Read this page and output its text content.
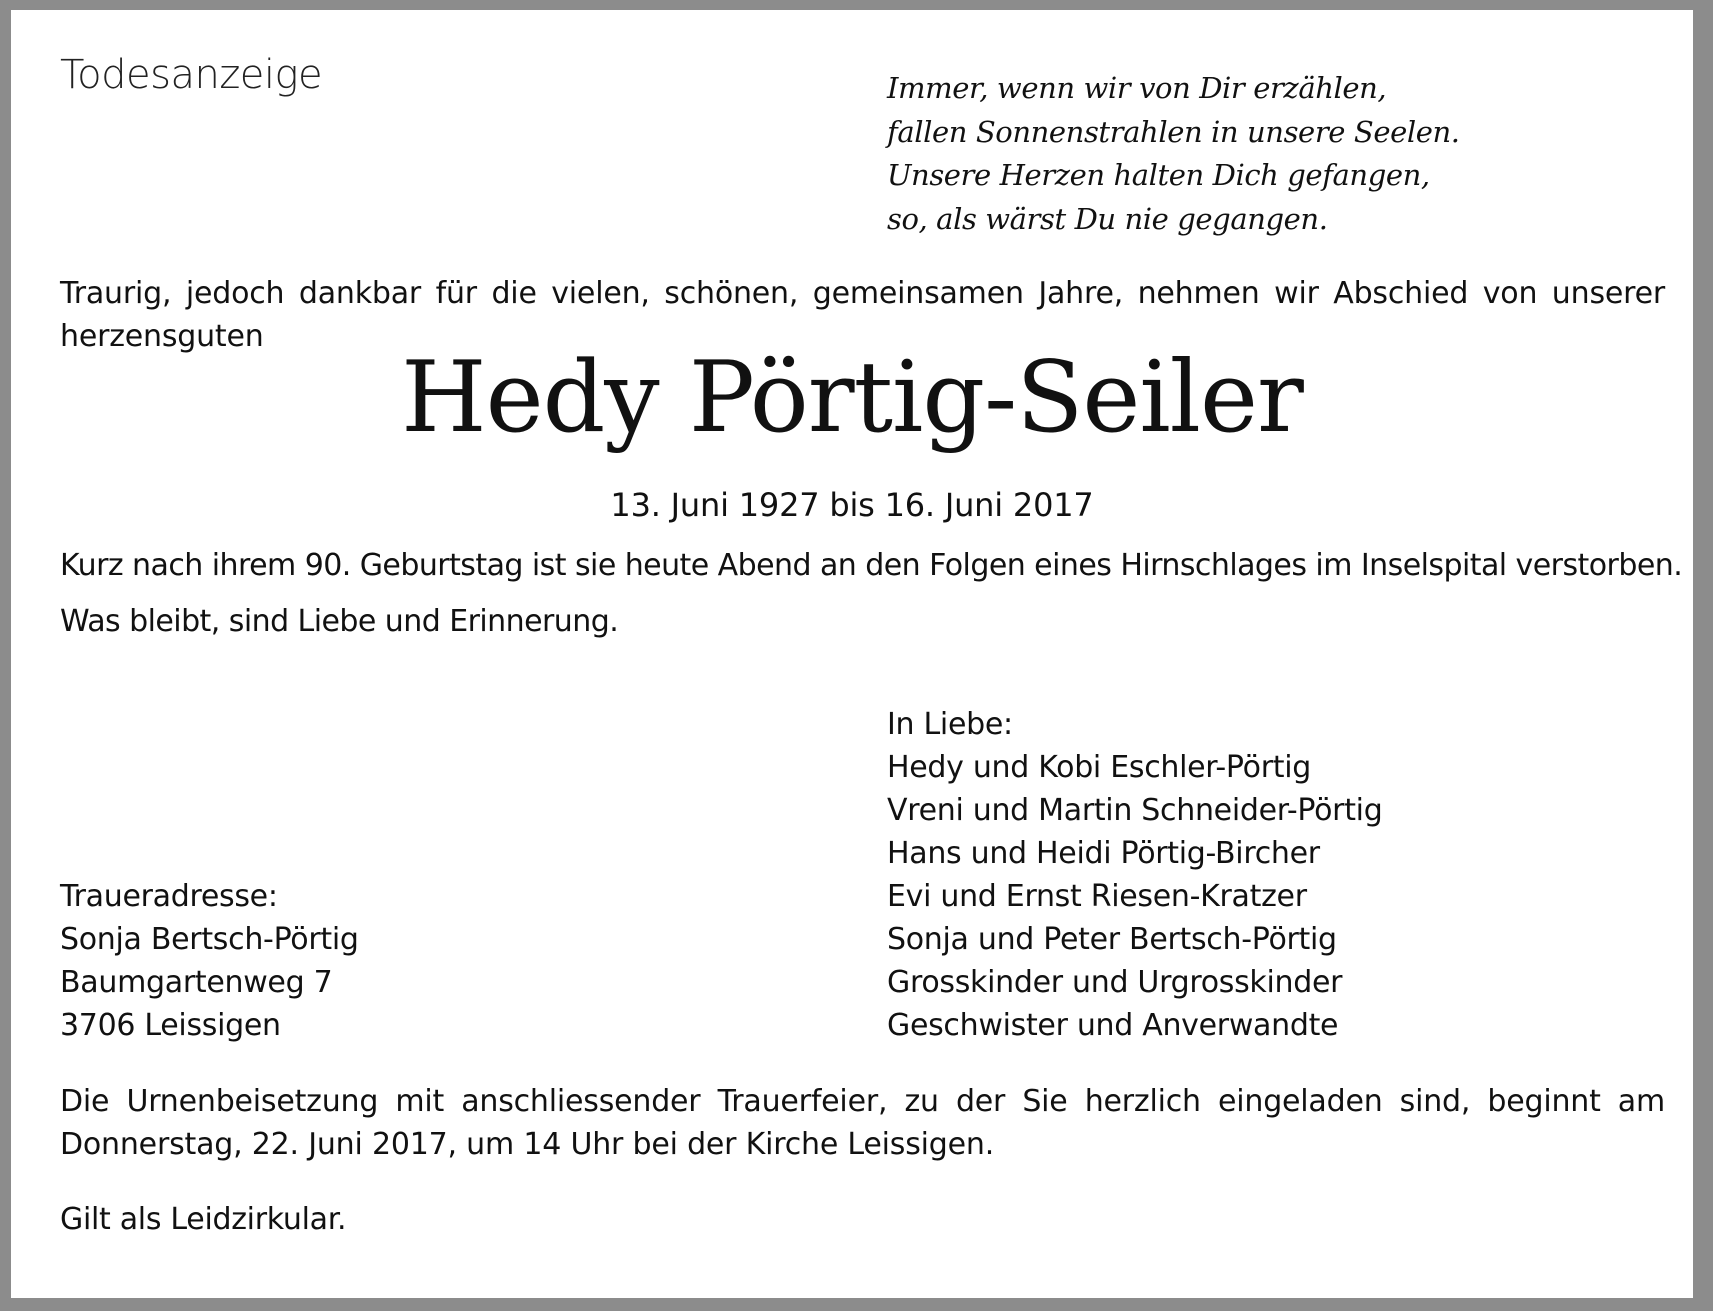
Todesanzeige	Immer, wenn wir von Dir erzählen,
fallen Sonnenstrahlen in unsere Seelen.
Unsere Herzen halten Dich gefangen,
so, als wärst Du nie gegangen.
Traurig, jedoch dankbar für die vielen, schönen, gemeinsamen Jahre, nehmen wir Abschied von unserer herzensguten
Hedy Pörtig-Seiler
13. Juni 1927 bis 16. Juni 2017
Kurz nach ihrem 90. Geburtstag ist sie heute Abend an den Folgen eines Hirnschlages im Inselspital verstorben.
Was bleibt, sind Liebe und Erinnerung.
In Liebe:
Hedy und Kobi Eschler-Pörtig
Vreni und Martin Schneider-Pörtig
Hans und Heidi Pörtig-Bircher
Evi und Ernst Riesen-Kratzer
Sonja und Peter Bertsch-Pörtig
Grosskinder und Urgrosskinder
Geschwister und Anverwandte
Traueradresse:
Sonja Bertsch-Pörtig
Baumgartenweg 7
3706 Leissigen
Die Urnenbeisetzung mit anschliessender Trauerfeier, zu der Sie herzlich eingeladen sind, beginnt am Donnerstag, 22. Juni 2017, um 14 Uhr bei der Kirche Leissigen.
Gilt als Leidzirkular.
